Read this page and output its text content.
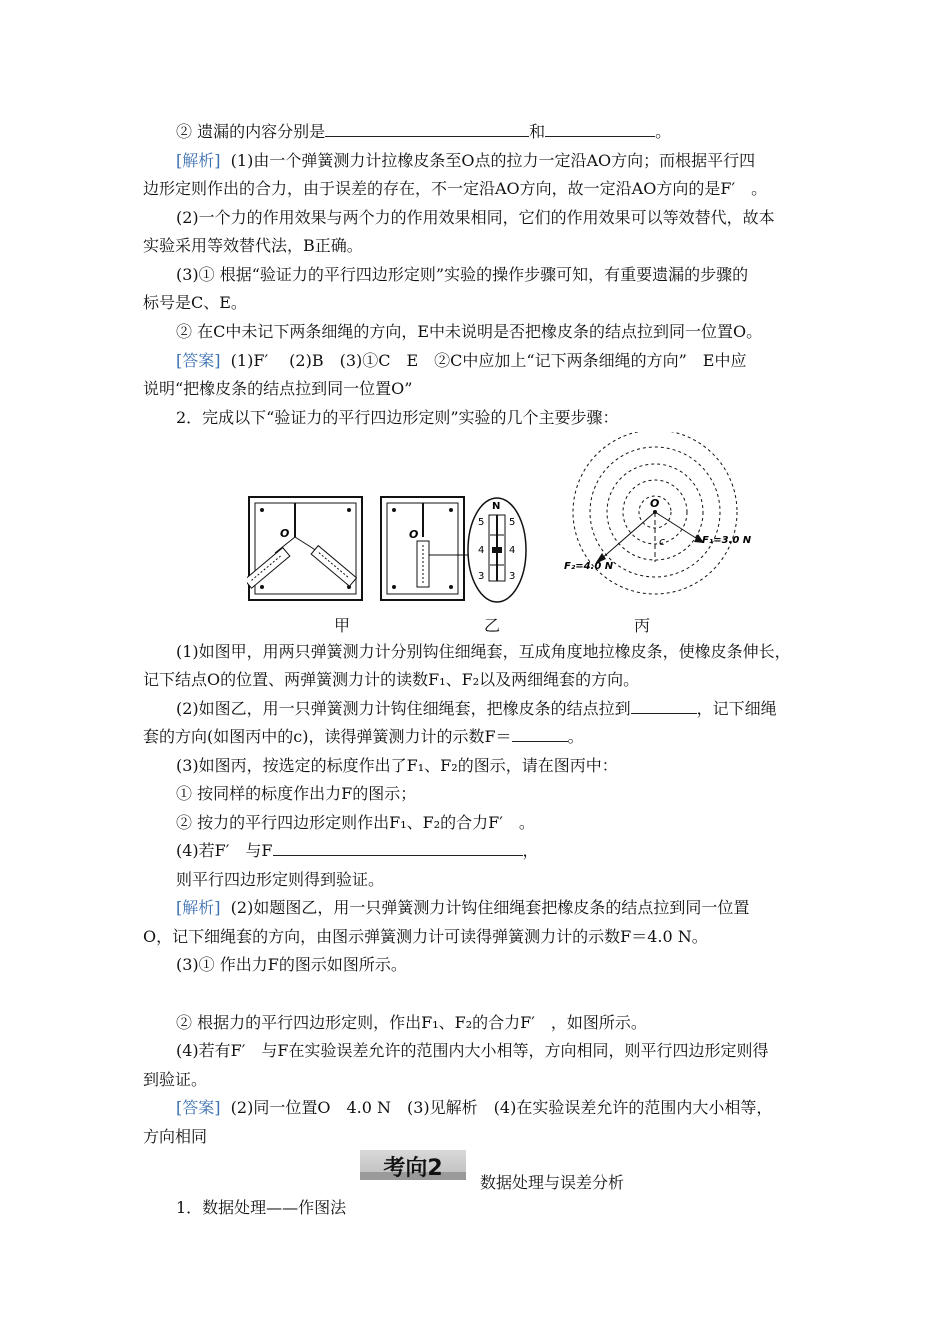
② 遗漏的内容分别是	和	。
[解析] (1)由一个弹簧测力计拉橡皮条至O点的拉力一定沿AO方向；而根据平行四
边形定则作出的合力，由于误差的存在，不一定沿AO方向，故一定沿AO方向的是F′　。
(2)一个力的作用效果与两个力的作用效果相同，它们的作用效果可以等效替代，故本
实验采用等效替代法，B正确。
(3)① 根据“验证力的平行四边形定则”实验的操作步骤可知，有重要遗漏的步骤的
标号是C、E。
② 在C中未记下两条细绳的方向，E中未说明是否把橡皮条的结点拉到同一位置O。
[答案] (1)F′　 (2)B　(3)①C　E　②C中应加上“记下两条细绳的方向”　E中应
说明“把橡皮条的结点拉到同一位置O”
2．完成以下“验证力的平行四边形定则”实验的几个主要步骤：
O	O
N
5 5
4 4
3 3
O
c	F₁=3.0 N
F₂=4.0 N
甲	乙	丙
(1)如图甲，用两只弹簧测力计分别钩住细绳套，互成角度地拉橡皮条，使橡皮条伸长，
记下结点O的位置、两弹簧测力计的读数F₁、F₂以及两细绳套的方向。
(2)如图乙，用一只弹簧测力计钩住细绳套，把橡皮条的结点拉到	，记下细绳
套的方向(如图丙中的c)，读得弹簧测力计的示数F＝	。
(3)如图丙，按选定的标度作出了F₁、F₂的图示，请在图丙中：
① 按同样的标度作出力F的图示；
② 按力的平行四边形定则作出F₁、F₂的合力F′　。
(4)若F′　与F	，
则平行四边形定则得到验证。
[解析] (2)如题图乙，用一只弹簧测力计钩住细绳套把橡皮条的结点拉到同一位置
O，记下细绳套的方向，由图示弹簧测力计可读得弹簧测力计的示数F＝4.0 N。
(3)① 作出力F的图示如图所示。
② 根据力的平行四边形定则，作出F₁、F₂的合力F′　，如图所示。
(4)若有F′　与F在实验误差允许的范围内大小相等，方向相同，则平行四边形定则得
到验证。
[答案] (2)同一位置O　4.0 N　(3)见解析　(4)在实验误差允许的范围内大小相等，
方向相同
考向2
数据处理与误差分析
1．数据处理——作图法
